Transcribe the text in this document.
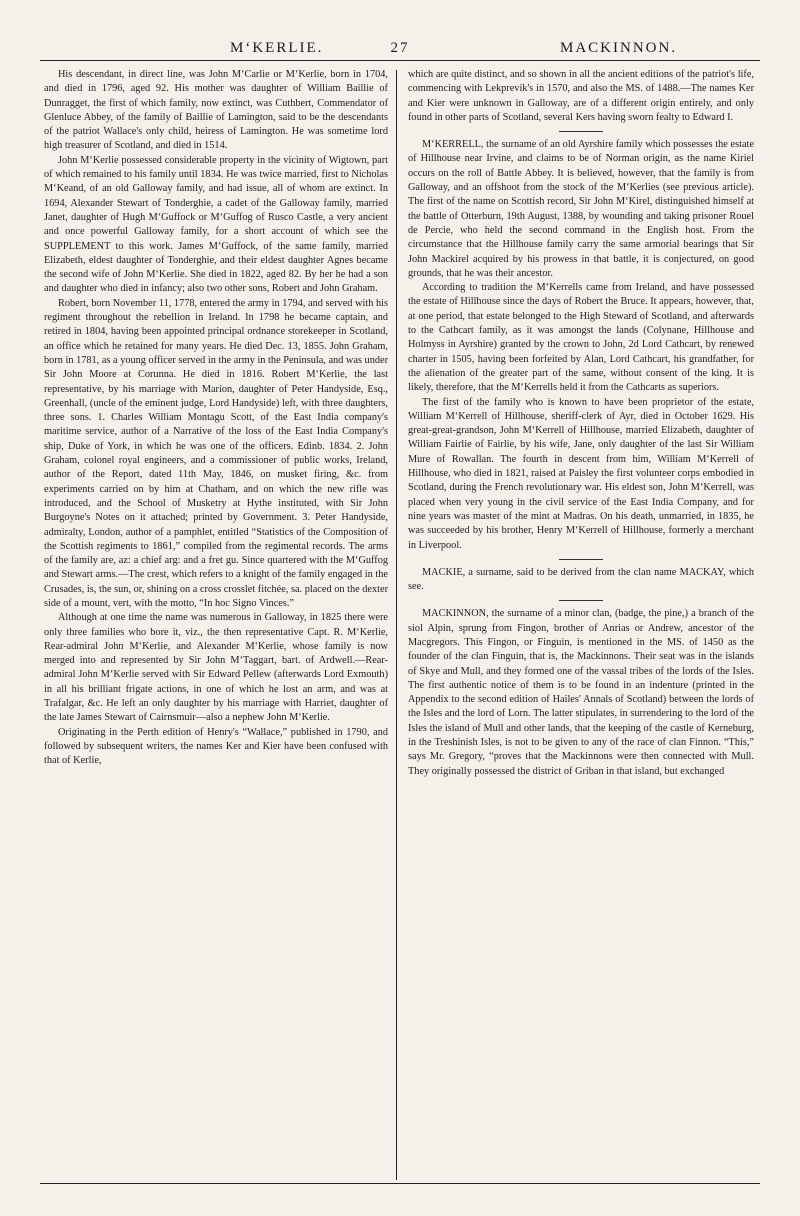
M‘KERLIE.	27	MACKINNON.

His descendant, in direct line, was John M‘Carlie or M‘Kerlie, born in 1704, and died in 1796, aged 92. His mother was daughter of William Baillie of Dunragget, the first of which family, now extinct, was Cuthbert, Commendator of Glenluce Abbey, of the family of Baillie of Lamington, said to be the descendants of the patriot Wallace's only child, heiress of Lamington. He was sometime lord high treasurer of Scotland, and died in 1514.

John M‘Kerlie possessed considerable property in the vicinity of Wigtown, part of which remained to his family until 1834. He was twice married, first to Nicholas M‘Keand, of an old Galloway family, and had issue, all of whom are extinct. In 1694, Alexander Stewart of Tonderghie, a cadet of the Galloway family, married Janet, daughter of Hugh M‘Guffock or M‘Guffog of Rusco Castle, a very ancient and once powerful Galloway family, for a short account of which see the SUPPLEMENT to this work. James M‘Guffock, of the same family, married Elizabeth, eldest daughter of Tonderghie, and their eldest daughter Agnes became the second wife of John M‘Kerlie. She died in 1822, aged 82. By her he had a son and daughter who died in infancy; also two other sons, Robert and John Graham.

Robert, born November 11, 1778, entered the army in 1794, and served with his regiment throughout the rebellion in Ireland. In 1798 he became captain, and retired in 1804, having been appointed principal ordnance storekeeper in Scotland, an office which he retained for many years. He died Dec. 13, 1855. John Graham, born in 1781, as a young officer served in the army in the Peninsula, and was under Sir John Moore at Corunna. He died in 1816. Robert M‘Kerlie, the last representative, by his marriage with Marion, daughter of Peter Handyside, Esq., Greenhall, (uncle of the eminent judge, Lord Handyside) left, with three daughters, three sons. 1. Charles William Montagu Scott, of the East India company's maritime service, author of a Narrative of the loss of the East India Company's ship, Duke of York, in which he was one of the officers. Edinb. 1834. 2. John Graham, colonel royal engineers, and a commissioner of public works, Ireland, author of the Report, dated 11th May, 1846, on musket firing, &c. from experiments carried on by him at Chatham, and on which the new rifle was introduced, and the School of Musketry at Hythe instituted, with Sir John Burgoyne's Notes on it attached; printed by Government. 3. Peter Handyside, admiralty, London, author of a pamphlet, entitled “Statistics of the Composition of the Scottish regiments to 1861,” compiled from the regimental records. The arms of the family are, az: a chief arg: and a fret gu. Since quartered with the M‘Guffog and Stewart arms.—The crest, which refers to a knight of the family engaged in the Crusades, is, the sun, or, shining on a cross crosslet fitchée, sa. placed on the dexter side of a mount, vert, with the motto, “In hoc Signo Vinces.”

Although at one time the name was numerous in Galloway, in 1825 there were only three families who bore it, viz., the then representative Capt. R. M‘Kerlie, Rear-admiral John M‘Kerlie, and Alexander M‘Kerlie, whose family is now merged into and represented by Sir John M‘Taggart, bart. of Ardwell.—Rear-admiral John M‘Kerlie served with Sir Edward Pellew (afterwards Lord Exmouth) in all his brilliant frigate actions, in one of which he lost an arm, and was at Trafalgar, &c. He left an only daughter by his marriage with Harriet, daughter of the late James Stewart of Cairnsmuir—also a nephew John M‘Kerlie.

Originating in the Perth edition of Henry's “Wallace,” published in 1790, and followed by subsequent writers, the names Ker and Kier have been confused with that of Kerlie,

which are quite distinct, and so shown in all the ancient editions of the patriot's life, commencing with Lekprevik's in 1570, and also the MS. of 1488.—The names Ker and Kier were unknown in Galloway, are of a different origin entirely, and only found in other parts of Scotland, several Kers having sworn fealty to Edward I.

M‘KERRELL, the surname of an old Ayrshire family which possesses the estate of Hillhouse near Irvine, and claims to be of Norman origin, as the name Kiriel occurs on the roll of Battle Abbey. It is believed, however, that the family is from Galloway, and an offshoot from the stock of the M‘Kerlies (see previous article). The first of the name on Scottish record, Sir John M‘Kirel, distinguished himself at the battle of Otterburn, 19th August, 1388, by wounding and taking prisoner Rouel de Percie, who held the second command in the English host. From the circumstance that the Hillhouse family carry the same armorial bearings that Sir John Mackirel acquired by his prowess in that battle, it is conjectured, on good grounds, that he was their ancestor.

According to tradition the M‘Kerrells came from Ireland, and have possessed the estate of Hillhouse since the days of Robert the Bruce. It appears, however, that, at one period, that estate belonged to the High Steward of Scotland, and afterwards to the Cathcart family, as it was amongst the lands (Colynane, Hillhouse and Holmyss in Ayrshire) granted by the crown to John, 2d Lord Cathcart, by renewed charter in 1505, having been forfeited by Alan, Lord Cathcart, his grandfather, for the alienation of the greater part of the same, without consent of the king. It is likely, therefore, that the M‘Kerrells held it from the Cathcarts as superiors.

The first of the family who is known to have been proprietor of the estate, William M‘Kerrell of Hillhouse, sheriff-clerk of Ayr, died in October 1629. His great-great-grandson, John M‘Kerrell of Hillhouse, married Elizabeth, daughter of William Fairlie of Fairlie, by his wife, Jane, only daughter of the last Sir William Mure of Rowallan. The fourth in descent from him, William M‘Kerrell of Hillhouse, who died in 1821, raised at Paisley the first volunteer corps embodied in Scotland, during the French revolutionary war. His eldest son, John M‘Kerrell, was placed when very young in the civil service of the East India Company, and for nine years was master of the mint at Madras. On his death, unmarried, in 1835, he was succeeded by his brother, Henry M‘Kerrell of Hillhouse, formerly a merchant in Liverpool.

MACKIE, a surname, said to be derived from the clan name MACKAY, which see.

MACKINNON, the surname of a minor clan, (badge, the pine,) a branch of the siol Alpin, sprung from Fingon, brother of Anrias or Andrew, ancestor of the Macgregors. This Fingon, or Finguin, is mentioned in the MS. of 1450 as the founder of the clan Finguin, that is, the Mackinnons. Their seat was in the islands of Skye and Mull, and they formed one of the vassal tribes of the lords of the Isles. The first authentic notice of them is to be found in an indenture (printed in the Appendix to the second edition of Hailes' Annals of Scotland) between the lords of the Isles and the lord of Lorn. The latter stipulates, in surrendering to the lord of the Isles the island of Mull and other lands, that the keeping of the castle of Kerneburg, in the Treshinish Isles, is not to be given to any of the race of clan Finnon. “This,” says Mr. Gregory, “proves that the Mackinnons were then connected with Mull. They originally possessed the district of Griban in that island, but exchanged
